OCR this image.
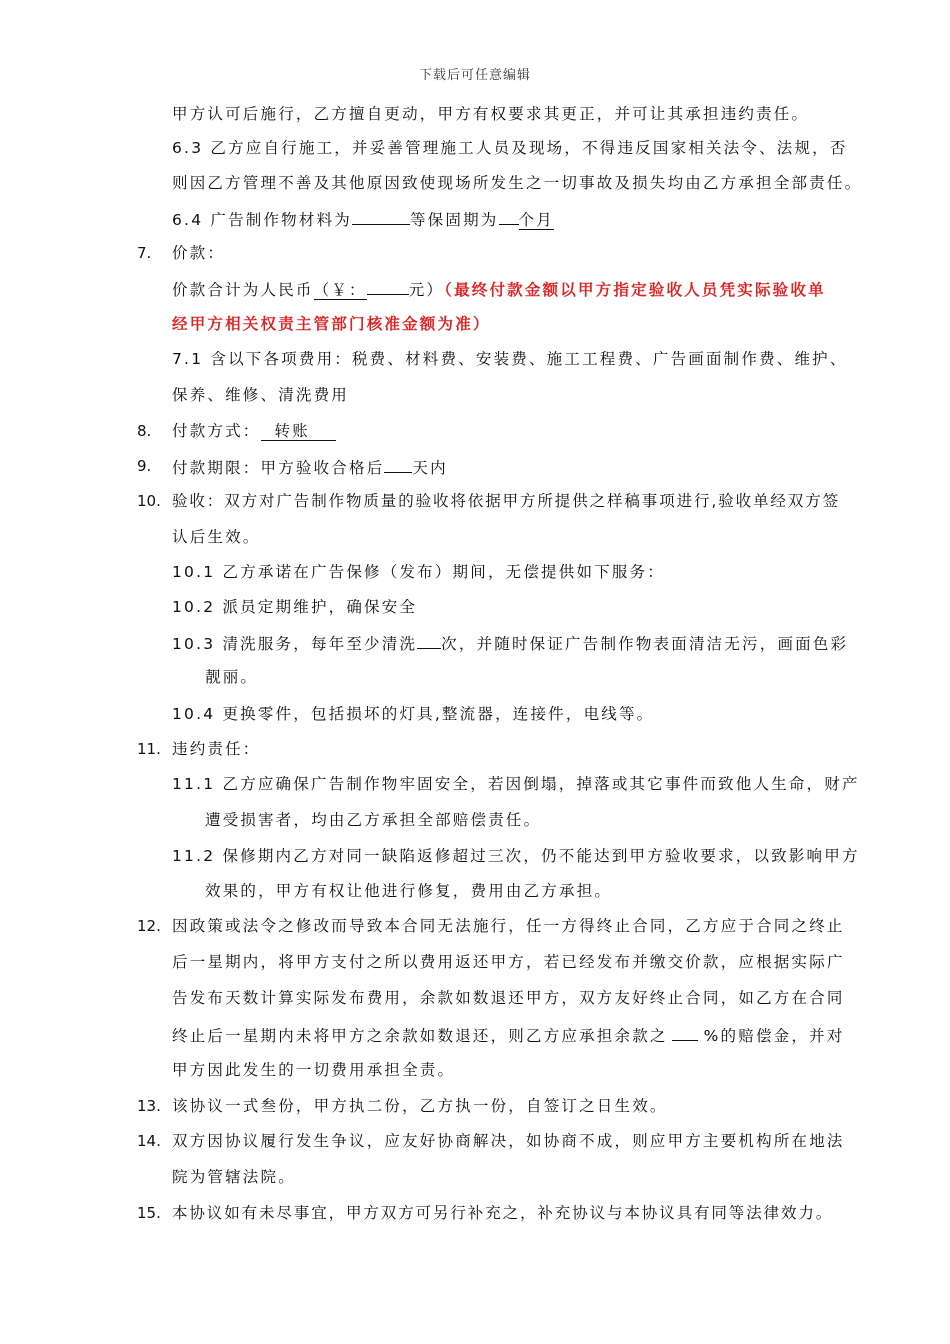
下载后可任意编辑
甲方认可后施行，乙方擅自更动，甲方有权要求其更正，并可让其承担违约责任。
6.3 乙方应自行施工，并妥善管理施工人员及现场，不得违反国家相关法令、法规，否
则因乙方管理不善及其他原因致使现场所发生之一切事故及损失均由乙方承担全部责任。
6.4 广告制作物材料为	等保固期为 个月
7. 价款：
价款合计为人民币（￥：	元）（最终付款金额以甲方指定验收人员凭实际验收单
经甲方相关权责主管部门核准金额为准）
7.1 含以下各项费用：税费、材料费、安装费、施工工程费、广告画面制作费、维护、
保养、维修、清洗费用
8. 付款方式： 转账
9. 付款期限：甲方验收合格后 天内
10. 验收：双方对广告制作物质量的验收将依据甲方所提供之样稿事项进行,验收单经双方签
认后生效。
10.1 乙方承诺在广告保修（发布）期间，无偿提供如下服务：
10.2 派员定期维护，确保安全
10.3 清洗服务，每年至少清洗 次，并随时保证广告制作物表面清洁无污，画面色彩
靓丽。
10.4 更换零件，包括损坏的灯具,整流器，连接件，电线等。
11. 违约责任：
11.1 乙方应确保广告制作物牢固安全，若因倒塌，掉落或其它事件而致他人生命，财产
遭受损害者，均由乙方承担全部赔偿责任。
11.2 保修期内乙方对同一缺陷返修超过三次，仍不能达到甲方验收要求，以致影响甲方
效果的，甲方有权让他进行修复，费用由乙方承担。
12. 因政策或法令之修改而导致本合同无法施行，任一方得终止合同，乙方应于合同之终止
后一星期内，将甲方支付之所以费用返还甲方，若已经发布并缴交价款，应根据实际广
告发布天数计算实际发布费用，余款如数退还甲方，双方友好终止合同，如乙方在合同
终止后一星期内未将甲方之余款如数退还，则乙方应承担余款之 %的赔偿金，并对
甲方因此发生的一切费用承担全责。
13. 该协议一式叁份，甲方执二份，乙方执一份，自签订之日生效。
14. 双方因协议履行发生争议，应友好协商解决，如协商不成，则应甲方主要机构所在地法
院为管辖法院。
15. 本协议如有未尽事宜，甲方双方可另行补充之，补充协议与本协议具有同等法律效力。
